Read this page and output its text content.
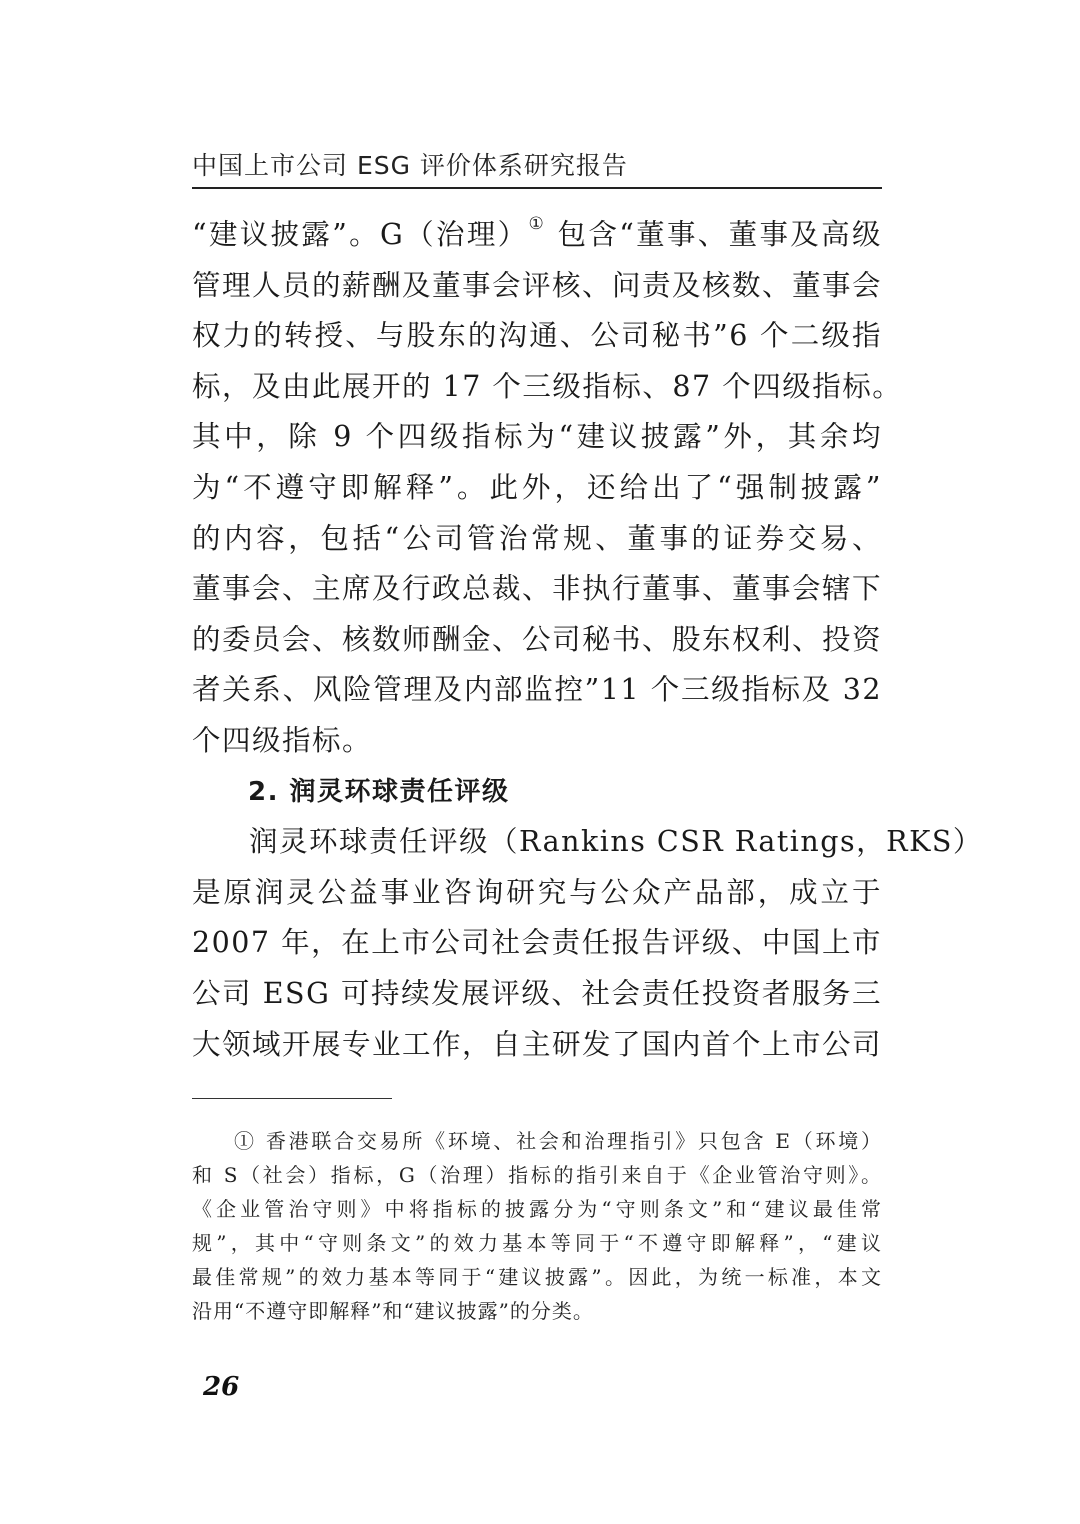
中国上市公司 ESG 评价体系研究报告
“建议披露”。G（治理）① 包含“董事、董事及高级
管理人员的薪酬及董事会评核、问责及核数、董事会
权力的转授、与股东的沟通、公司秘书”6 个二级指
标，及由此展开的 17 个三级指标、87 个四级指标。
其中，除 9 个四级指标为“建议披露”外，其余均
为“不遵守即解释”。此外，还给出了“强制披露”
的内容，包括“公司管治常规、董事的证券交易、
董事会、主席及行政总裁、非执行董事、董事会辖下
的委员会、核数师酬金、公司秘书、股东权利、投资
者关系、风险管理及内部监控”11 个三级指标及 32
个四级指标。
2. 润灵环球责任评级
润灵环球责任评级（Rankins CSR Ratings，RKS）
是原润灵公益事业咨询研究与公众产品部，成立于
2007 年，在上市公司社会责任报告评级、中国上市
公司 ESG 可持续发展评级、社会责任投资者服务三
大领域开展专业工作，自主研发了国内首个上市公司
① 香港联合交易所《环境、社会和治理指引》只包含 E（环境）
和 S（社会）指标，G（治理）指标的指引来自于《企业管治守则》。
《企业管治守则》中将指标的披露分为“守则条文”和“建议最佳常
规”，其中“守则条文”的效力基本等同于“不遵守即解释”，“建议
最佳常规”的效力基本等同于“建议披露”。因此，为统一标准，本文
沿用“不遵守即解释”和“建议披露”的分类。
26
